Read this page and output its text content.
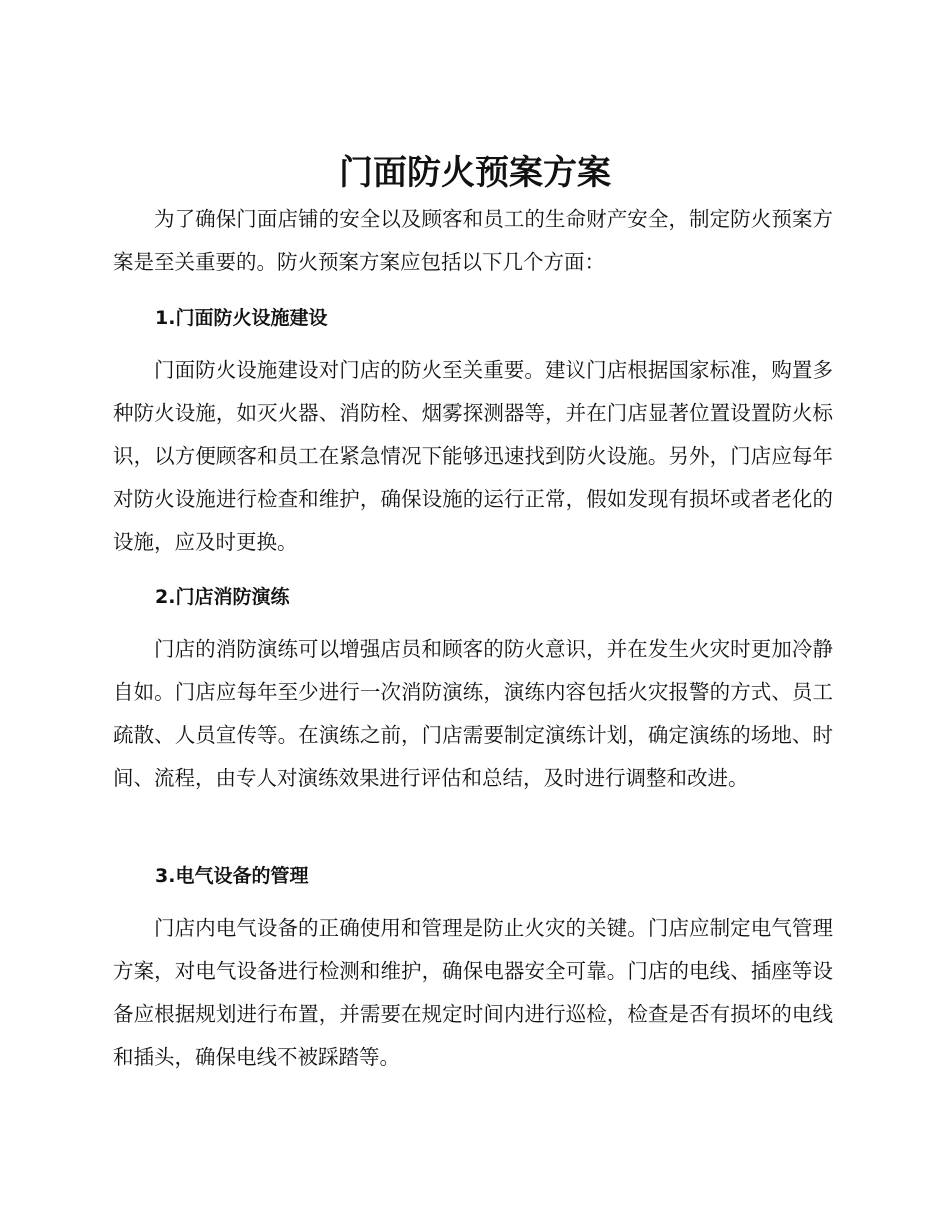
门面防火预案方案

为了确保门面店铺的安全以及顾客和员工的生命财产安全，制定防火预案方案是至关重要的。防火预案方案应包括以下几个方面：

1.门面防火设施建设

门面防火设施建设对门店的防火至关重要。建议门店根据国家标准，购置多种防火设施，如灭火器、消防栓、烟雾探测器等，并在门店显著位置设置防火标识，以方便顾客和员工在紧急情况下能够迅速找到防火设施。另外，门店应每年对防火设施进行检查和维护，确保设施的运行正常，假如发现有损坏或者老化的设施，应及时更换。

2.门店消防演练

门店的消防演练可以增强店员和顾客的防火意识，并在发生火灾时更加冷静自如。门店应每年至少进行一次消防演练，演练内容包括火灾报警的方式、员工疏散、人员宣传等。在演练之前，门店需要制定演练计划，确定演练的场地、时间、流程，由专人对演练效果进行评估和总结，及时进行调整和改进。

3.电气设备的管理

门店内电气设备的正确使用和管理是防止火灾的关键。门店应制定电气管理方案，对电气设备进行检测和维护，确保电器安全可靠。门店的电线、插座等设备应根据规划进行布置，并需要在规定时间内进行巡检，检查是否有损坏的电线和插头，确保电线不被踩踏等。
